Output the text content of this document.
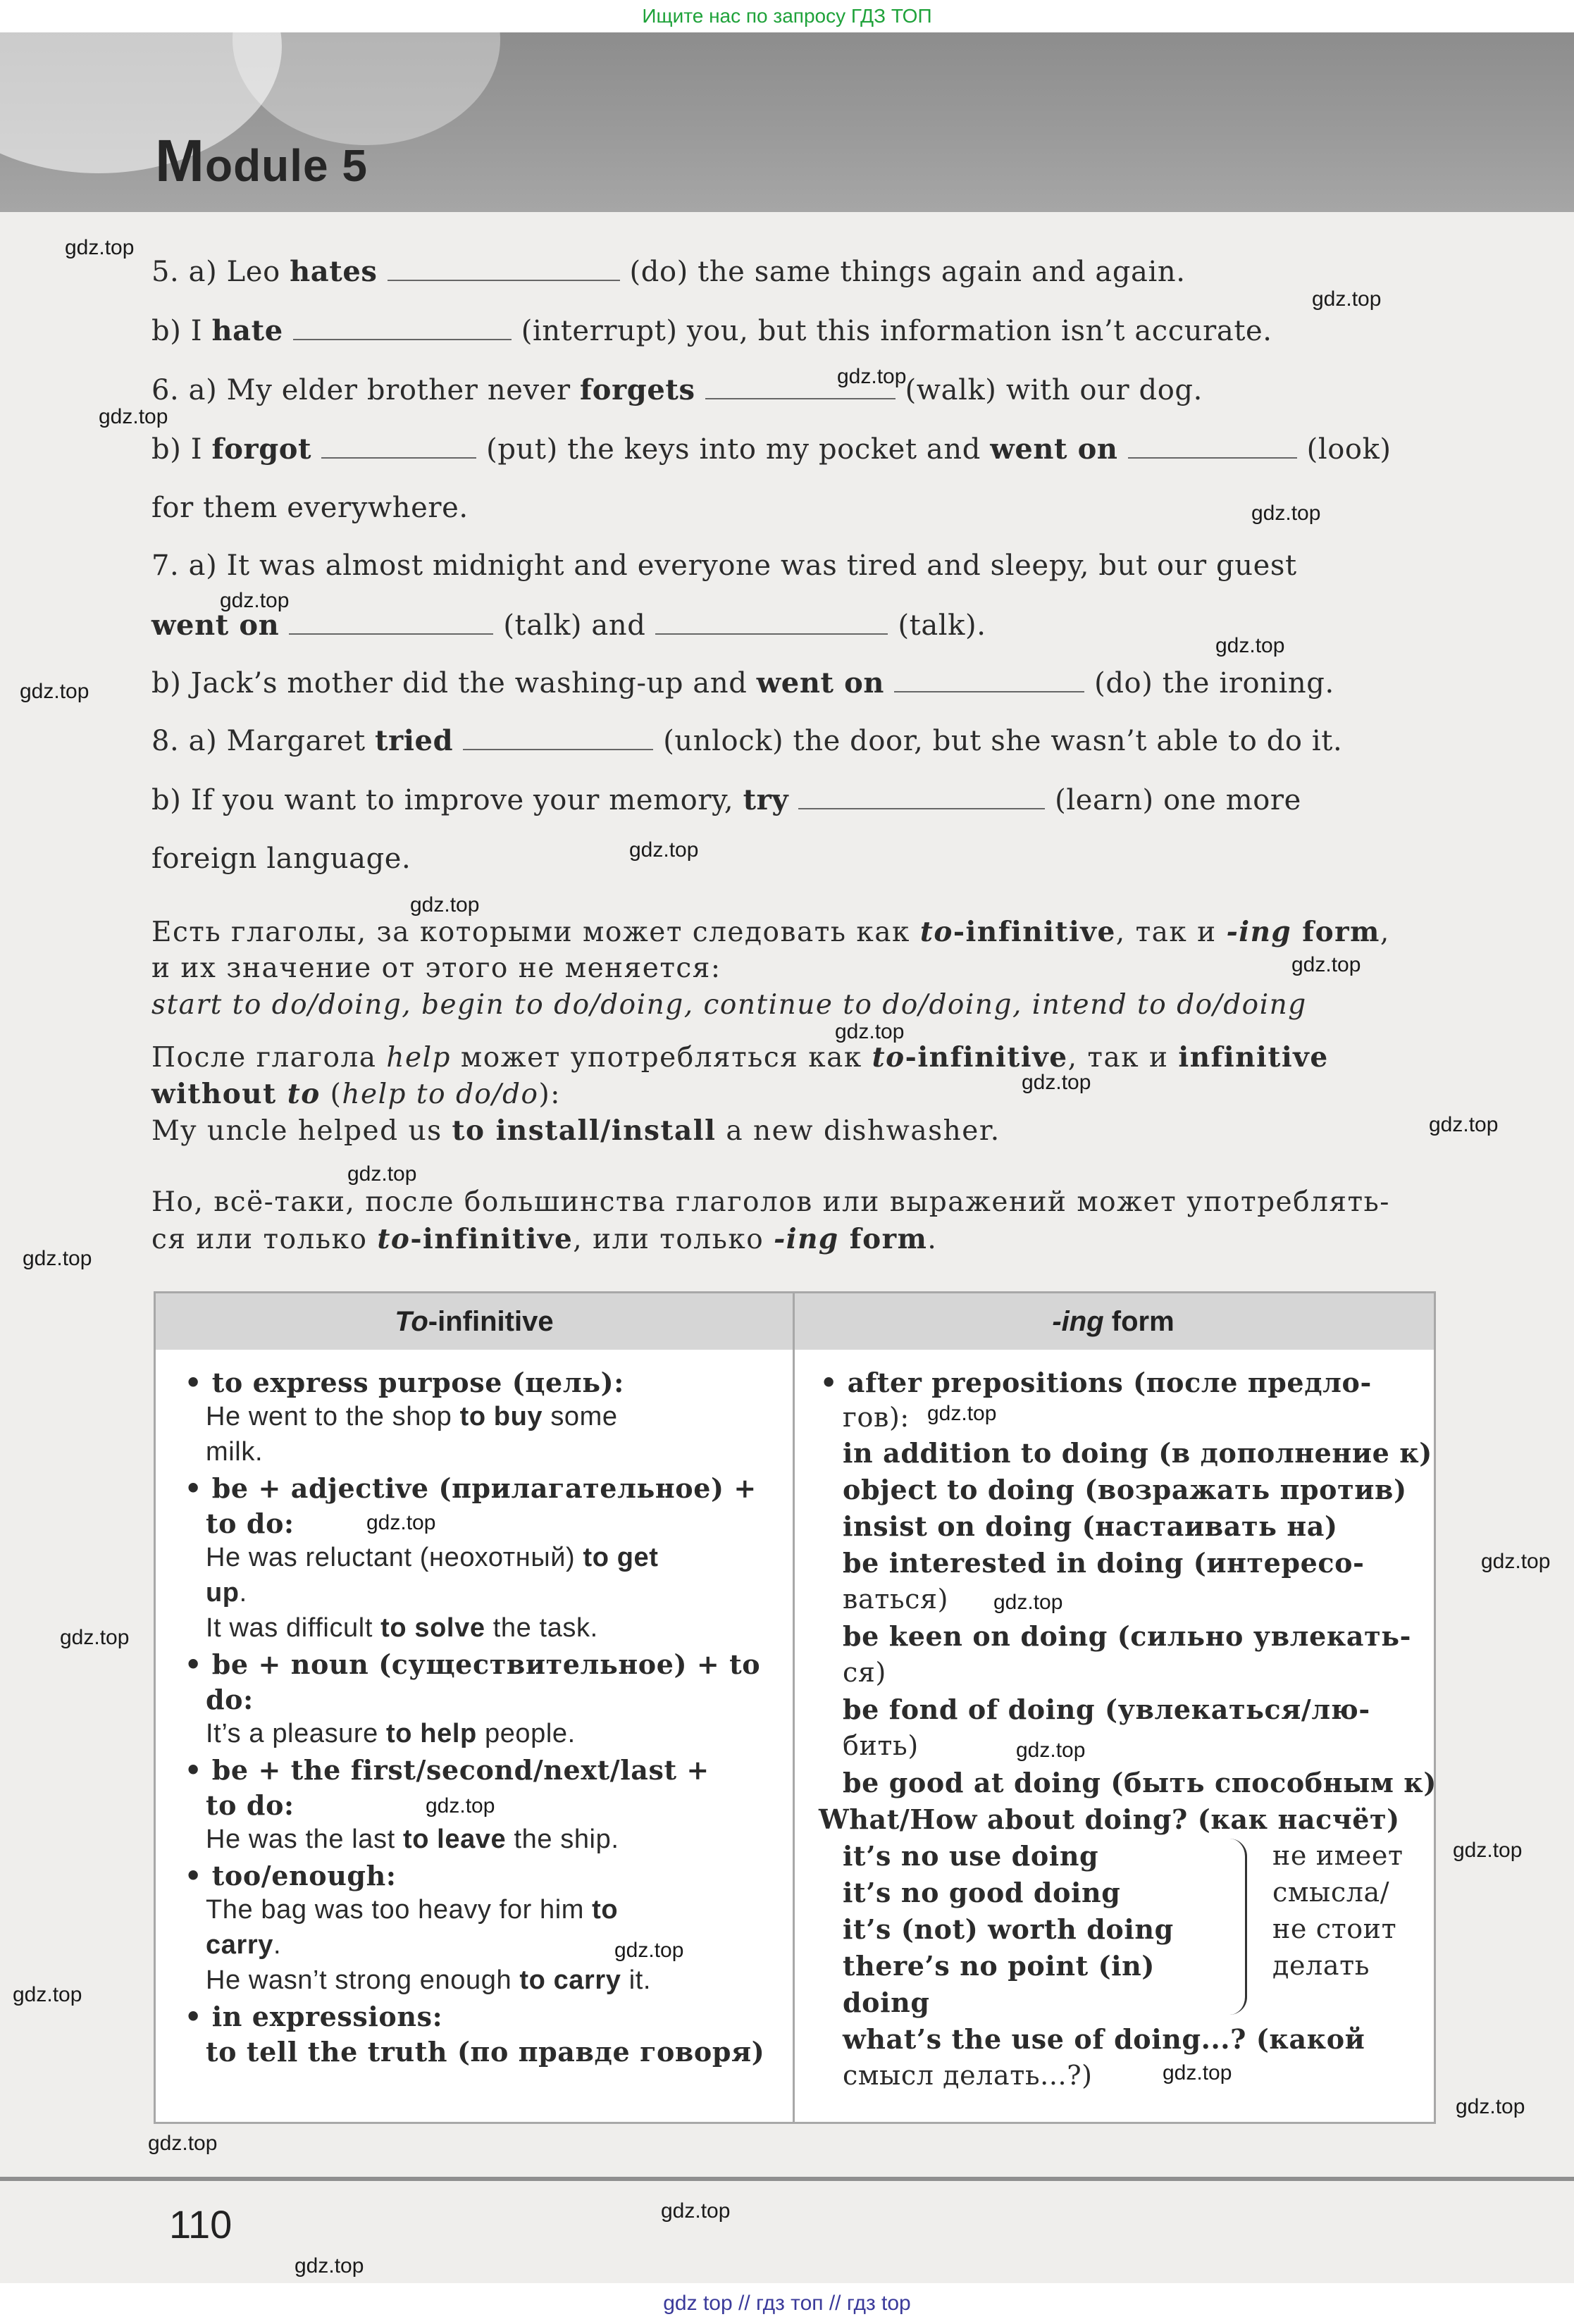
Ищите нас по запросу ГДЗ ТОП
Module 5
5. a) Leo hates	(do) the same things again and again.
b) I hate	(interrupt) you, but this information isn’t accurate.
6. a) My elder brother never forgets	(walk) with our dog.
b) I forgot	(put) the keys into my pocket and went on	(look)
for them everywhere.
7. a) It was almost midnight and everyone was tired and sleepy, but our guest
went on	(talk) and	(talk).
b) Jack’s mother did the washing-up and went on	(do) the ironing.
8. a) Margaret tried	(unlock) the door, but she wasn’t able to do it.
b) If you want to improve your memory, try	(learn) one more
foreign language.
Есть глаголы, за которыми может следовать как to-infinitive, так и -ing form,
и их значение от этого не меняется:
start to do/doing, begin to do/doing, continue to do/doing, intend to do/doing
После глагола help может употребляться как to-infinitive, так и infinitive
without to (help to do/do):
My uncle helped us to install/install a new dishwasher.
Но, всё-таки, после большинства глаголов или выражений может употреблять-
ся или только to-infinitive, или только -ing form.
To-infinitive	-ing form
• to express purpose (цель):
He went to the shop to buy some
milk.
• be + adjective (прилагательное) +
to do:
He was reluctant (неохотный) to get
up.
It was difficult to solve the task.
• be + noun (существительное) + to
do:
It’s a pleasure to help people.
• be + the first/second/next/last +
to do:
He was the last to leave the ship.
• too/enough:
The bag was too heavy for him to
carry.
He wasn’t strong enough to carry it.
• in expressions:
to tell the truth (по правде говоря)
• after prepositions (после предло-
гов):
in addition to doing (в дополнение к)
object to doing (возражать против)
insist on doing (настаивать на)
be interested in doing (интересо-
ваться)
be keen on doing (сильно увлекать-
ся)
be fond of doing (увлекаться/лю-
бить)
be good at doing (быть способным к)
What/How about doing? (как насчёт)
it’s no use doing
it’s no good doing
it’s (not) worth doing
there’s no point (in)
doing
what’s the use of doing...? (какой
смысл делать...?)
не имеет
смысла/
не стоит
делать
gdz.top
gdz.top
gdz.top
gdz.top
gdz.top
gdz.top
gdz.top
gdz.top
gdz.top
gdz.top
gdz.top
gdz.top
gdz.top
gdz.top
gdz.top
gdz.top
gdz.top
gdz.top
gdz.top
gdz.top
gdz.top
gdz.top
gdz.top
gdz.top
gdz.top
gdz.top
gdz.top
gdz.top
gdz.top
gdz.top
gdz.top
110
gdz top // гдз топ // гдз top
